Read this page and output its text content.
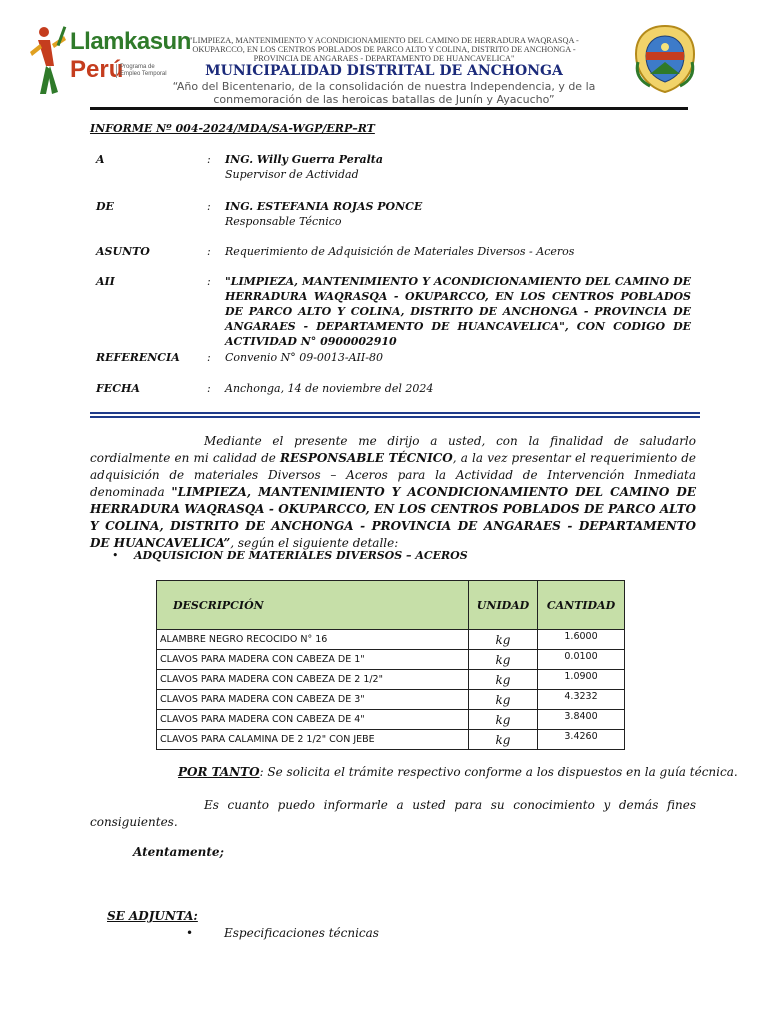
Llamkasun
Perú
Programa de Empleo Temporal
"LIMPIEZA, MANTENIMIENTO Y ACONDICIONAMIENTO DEL CAMINO DE HERRADURA WAQRASQA - OKUPARCCO, EN LOS CENTROS POBLADOS DE PARCO ALTO Y COLINA, DISTRITO DE ANCHONGA - PROVINCIA DE ANGARAES - DEPARTAMENTO DE HUANCAVELICA"
MUNICIPALIDAD DISTRITAL DE ANCHONGA
“Año del Bicentenario, de la consolidación de nuestra Independencia, y de la conmemoración de las heroicas batallas de Junín y Ayacucho”
INFORME Nº 004-2024/MDA/SA-WGP/ERP–RT
A	: ING. Willy Guerra Peralta
Supervisor de Actividad
DE	: ING. ESTEFANIA ROJAS PONCE
Responsable Técnico
ASUNTO	: Requerimiento de Adquisición de Materiales Diversos - Aceros
AII	: "LIMPIEZA, MANTENIMIENTO Y ACONDICIONAMIENTO DEL CAMINO DE HERRADURA WAQRASQA - OKUPARCCO, EN LOS CENTROS POBLADOS DE PARCO ALTO Y COLINA, DISTRITO DE ANCHONGA - PROVINCIA DE ANGARAES - DEPARTAMENTO DE HUANCAVELICA", CON CODIGO DE ACTIVIDAD N° 0900002910
REFERENCIA : Convenio N° 09-0013-AII-80
FECHA	: Anchonga, 14 de noviembre del 2024
Mediante el presente me dirijo a usted, con la finalidad de saludarlo cordialmente en mi calidad de RESPONSABLE TÉCNICO, a la vez presentar el requerimiento de adquisición de materiales Diversos – Aceros para la Actividad de Intervención Inmediata denominada "LIMPIEZA, MANTENIMIENTO Y ACONDICIONAMIENTO DEL CAMINO DE HERRADURA WAQRASQA - OKUPARCCO, EN LOS CENTROS POBLADOS DE PARCO ALTO Y COLINA, DISTRITO DE ANCHONGA - PROVINCIA DE ANGARAES - DEPARTAMENTO DE HUANCAVELICA”, según el siguiente detalle:
• ADQUISICION DE MATERIALES DIVERSOS – ACEROS
DESCRIPCIÓN	UNIDAD	CANTIDAD
ALAMBRE NEGRO RECOCIDO N° 16	kg	1.6000
CLAVOS PARA MADERA CON CABEZA DE 1"	kg	0.0100
CLAVOS PARA MADERA CON CABEZA DE 2 1/2"	kg	1.0900
CLAVOS PARA MADERA CON CABEZA DE 3"	kg	4.3232
CLAVOS PARA MADERA CON CABEZA DE 4"	kg	3.8400
CLAVOS PARA CALAMINA DE 2 1/2" CON JEBE	kg	3.4260
POR TANTO: Se solicita el trámite respectivo conforme a los dispuestos en la guía técnica.
Es cuanto puedo informarle a usted para su conocimiento y demás fines consiguientes.
Atentamente;
SE ADJUNTA:
•	Especificaciones técnicas
